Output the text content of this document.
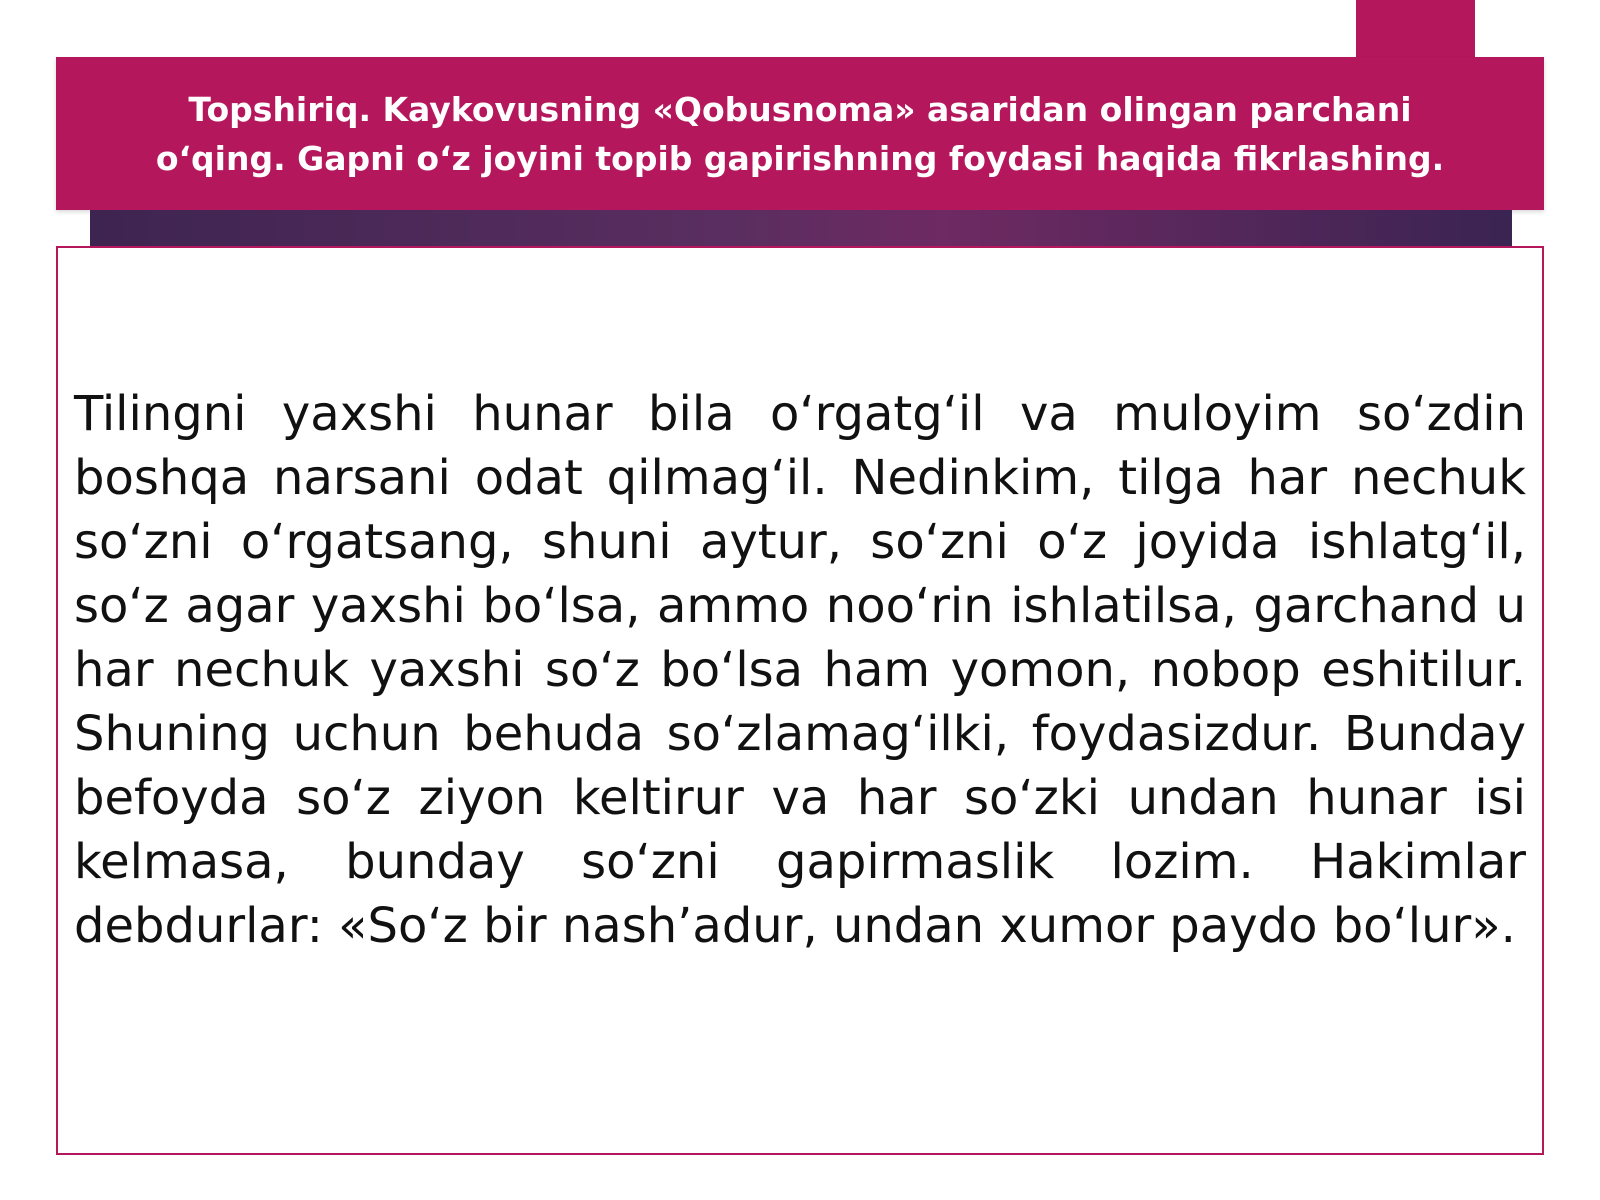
Topshiriq. Kaykovusning «Qobusnoma» asaridan olingan parchani
o‘qing. Gapni o‘z joyini topib gapirishning foydasi haqida fikrlashing.

Tilingni yaxshi hunar bila o‘rgatg‘il va muloyim so‘zdin boshqa narsani odat qilmag‘il. Nedinkim, tilga har nechuk so‘zni o‘rgatsang, shuni aytur, so‘zni o‘z joyida ishlatg‘il, so‘z agar yaxshi bo‘lsa, ammo noo‘rin ishlatilsa, garchand u har nechuk yaxshi so‘z bo‘lsa ham yomon, nobop eshitilur. Shuning uchun behuda so‘zlamag‘ilki, foydasizdur. Bunday befoyda so‘z ziyon keltirur va har so‘zki undan hunar isi kelmasa, bunday so‘zni gapirmaslik lozim. Hakimlar debdurlar: «So‘z bir nash’adur, undan xumor paydo bo‘lur».
